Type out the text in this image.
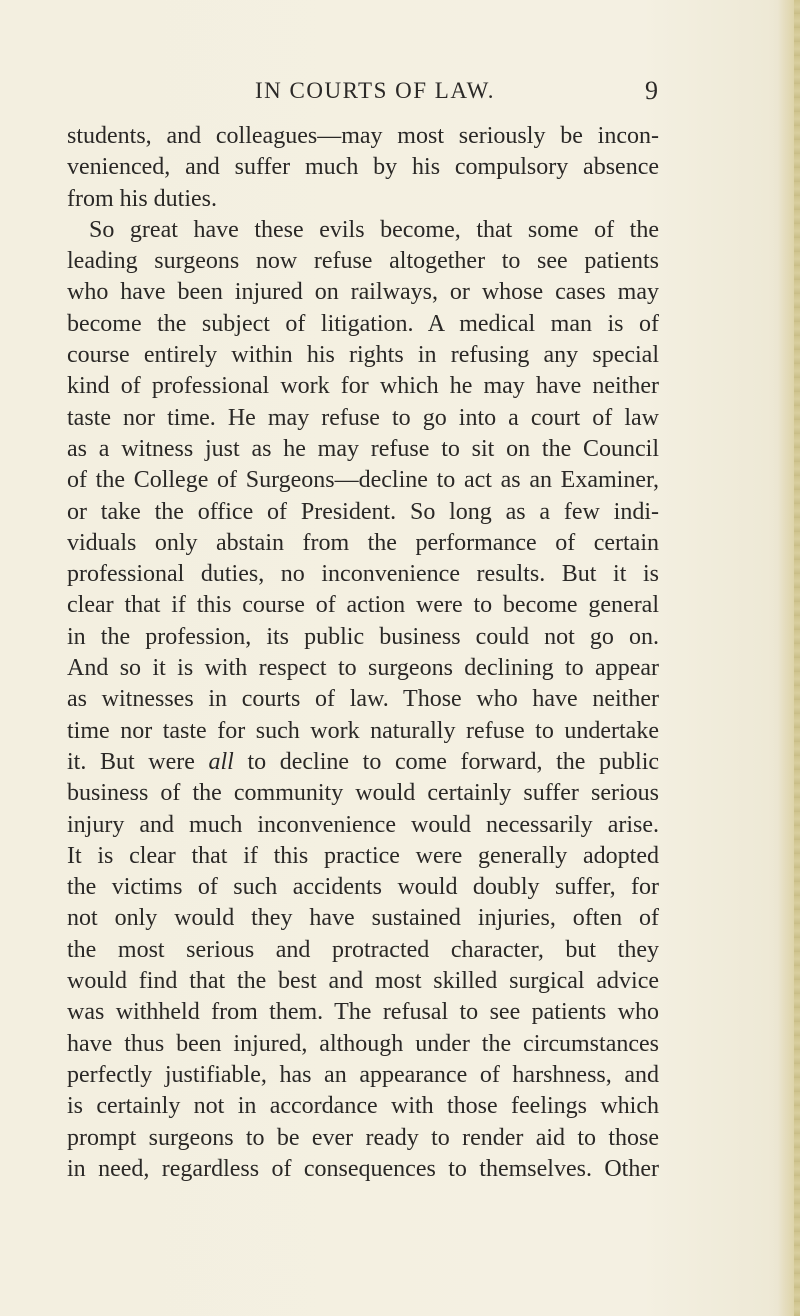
IN COURTS OF LAW.	9
students, and colleagues—may most seriously be incon-
venienced, and suffer much by his compulsory absence
from his duties.
So great have these evils become, that some of the
leading surgeons now refuse altogether to see patients
who have been injured on railways, or whose cases may
become the subject of litigation. A medical man is of
course entirely within his rights in refusing any special
kind of professional work for which he may have neither
taste nor time. He may refuse to go into a court of law
as a witness just as he may refuse to sit on the Council
of the College of Surgeons—decline to act as an Examiner,
or take the office of President. So long as a few indi-
viduals only abstain from the performance of certain
professional duties, no inconvenience results. But it is
clear that if this course of action were to become general
in the profession, its public business could not go on.
And so it is with respect to surgeons declining to appear
as witnesses in courts of law. Those who have neither
time nor taste for such work naturally refuse to undertake
it. But were all to decline to come forward, the public
business of the community would certainly suffer serious
injury and much inconvenience would necessarily arise.
It is clear that if this practice were generally adopted
the victims of such accidents would doubly suffer, for
not only would they have sustained injuries, often of
the most serious and protracted character, but they
would find that the best and most skilled surgical advice
was withheld from them. The refusal to see patients who
have thus been injured, although under the circumstances
perfectly justifiable, has an appearance of harshness, and
is certainly not in accordance with those feelings which
prompt surgeons to be ever ready to render aid to those
in need, regardless of consequences to themselves. Other
